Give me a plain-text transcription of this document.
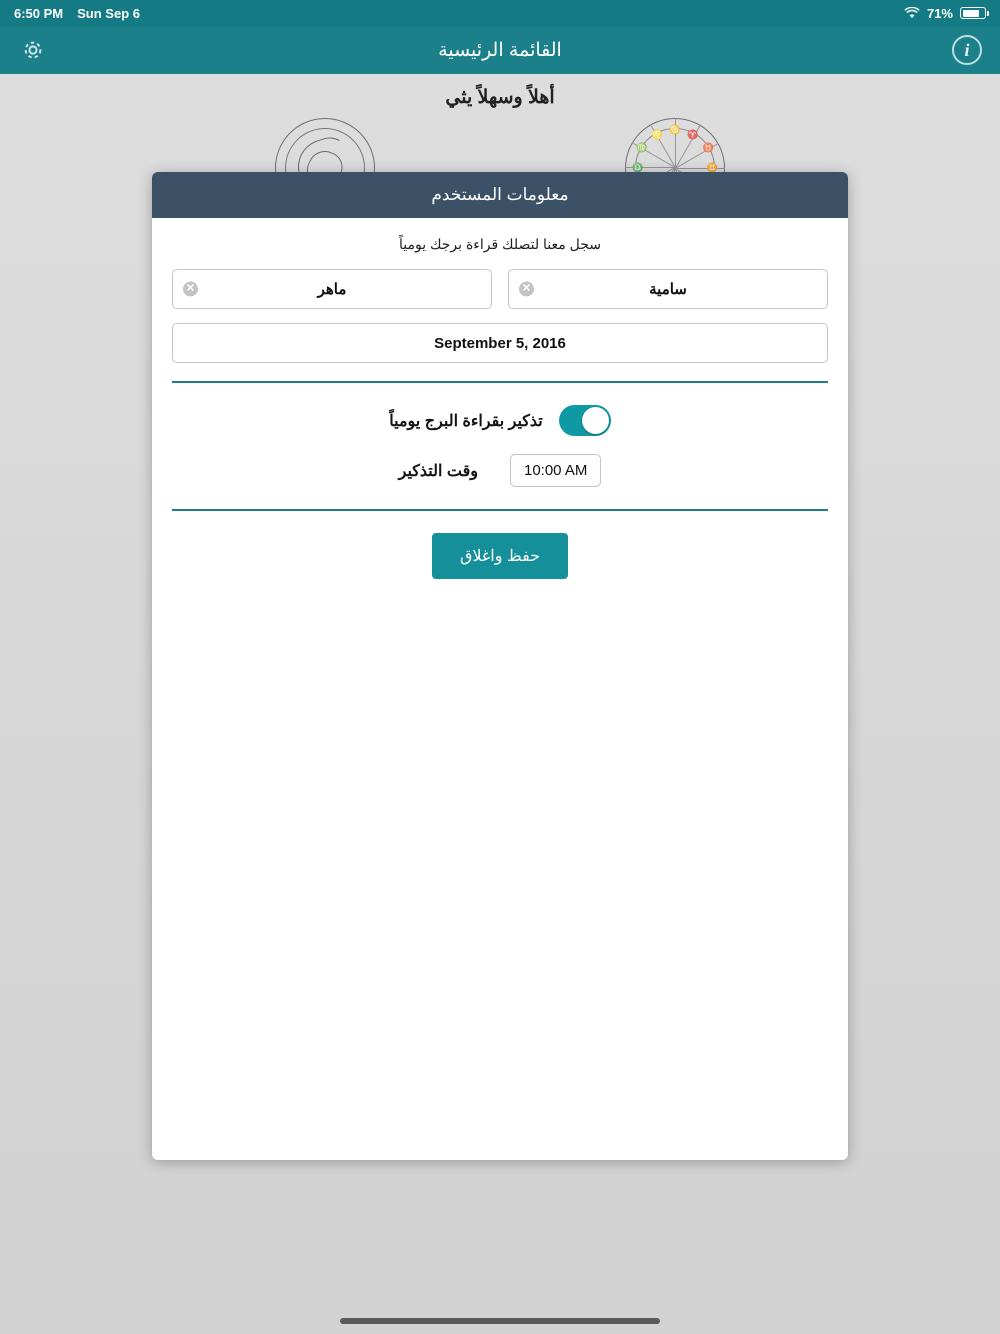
6:50 PM Sun Sep 6	71%
القائمة الرئيسية	i
أهلاً وسهلاً يثي
♈
♉
♊
♋
♌
♍
♎
معلومات المستخدم
سجل معنا لتصلك قراءة برجك يومياً
سامية
✕
ماهر
✕
September 5, 2016
تذكير بقراءة البرج يومياً
10:00 AM
وقت التذكير
حفظ واغلاق
